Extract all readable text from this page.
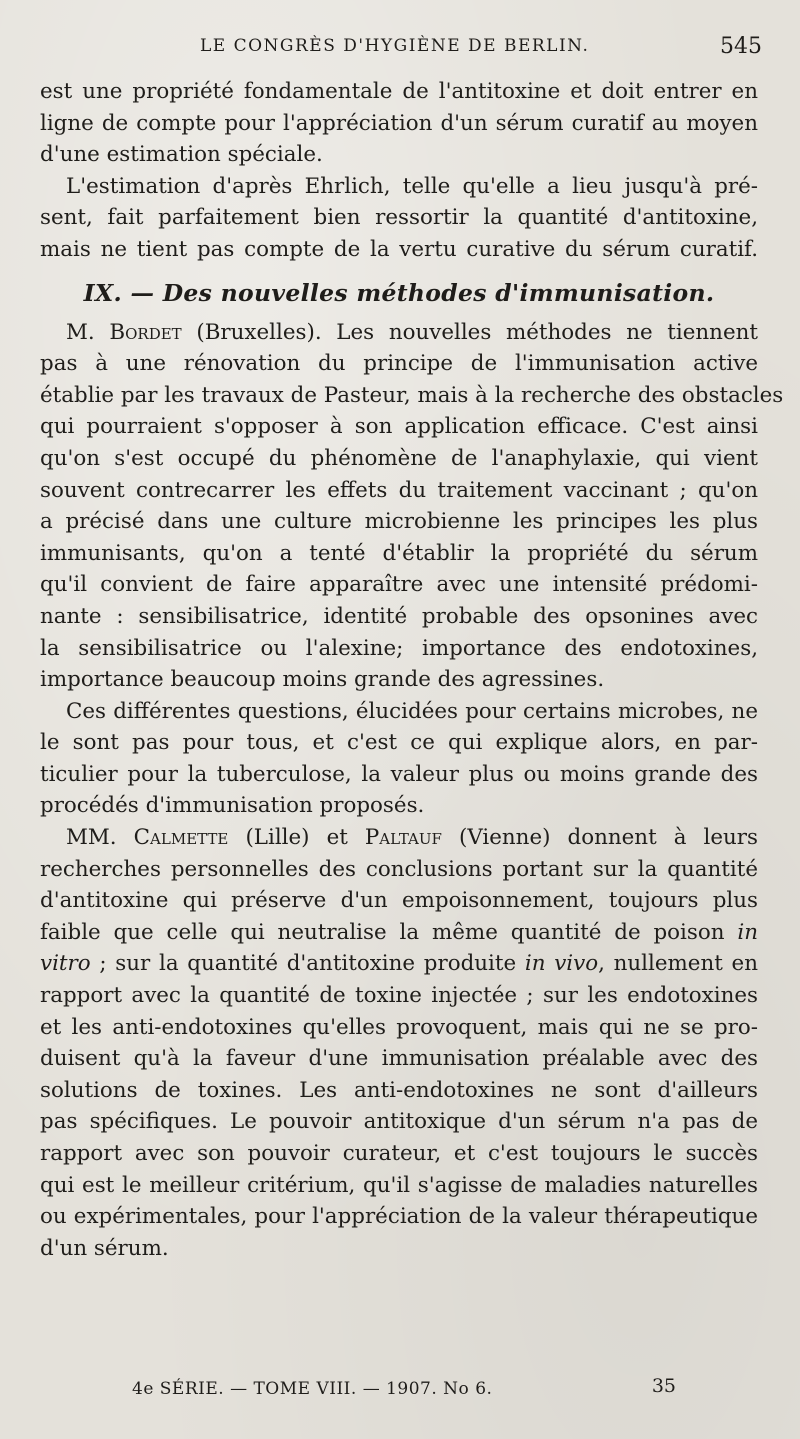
LE CONGRÈS D'HYGIÈNE DE BERLIN.	545
est une propriété fondamentale de l'antitoxine et doit entrer en
ligne de compte pour l'appréciation d'un sérum curatif au moyen
d'une estimation spéciale.
L'estimation d'après Ehrlich, telle qu'elle a lieu jusqu'à pré-
sent, fait parfaitement bien ressortir la quantité d'antitoxine,
mais ne tient pas compte de la vertu curative du sérum curatif.
IX. — Des nouvelles méthodes d'immunisation.
M. Bordet (Bruxelles). Les nouvelles méthodes ne tiennent
pas à une rénovation du principe de l'immunisation active
établie par les travaux de Pasteur, mais à la recherche des obstacles
qui pourraient s'opposer à son application efficace. C'est ainsi
qu'on s'est occupé du phénomène de l'anaphylaxie, qui vient
souvent contrecarrer les effets du traitement vaccinant ; qu'on
a précisé dans une culture microbienne les principes les plus
immunisants, qu'on a tenté d'établir la propriété du sérum
qu'il convient de faire apparaître avec une intensité prédomi-
nante : sensibilisatrice, identité probable des opsonines avec
la sensibilisatrice ou l'alexine; importance des endotoxines,
importance beaucoup moins grande des agressines.
Ces différentes questions, élucidées pour certains microbes, ne
le sont pas pour tous, et c'est ce qui explique alors, en par-
ticulier pour la tuberculose, la valeur plus ou moins grande des
procédés d'immunisation proposés.
MM. Calmette (Lille) et Paltauf (Vienne) donnent à leurs
recherches personnelles des conclusions portant sur la quantité
d'antitoxine qui préserve d'un empoisonnement, toujours plus
faible que celle qui neutralise la même quantité de poison in
vitro ; sur la quantité d'antitoxine produite in vivo, nullement en
rapport avec la quantité de toxine injectée ; sur les endotoxines
et les anti-endotoxines qu'elles provoquent, mais qui ne se pro-
duisent qu'à la faveur d'une immunisation préalable avec des
solutions de toxines. Les anti-endotoxines ne sont d'ailleurs
pas spécifiques. Le pouvoir antitoxique d'un sérum n'a pas de
rapport avec son pouvoir curateur, et c'est toujours le succès
qui est le meilleur critérium, qu'il s'agisse de maladies naturelles
ou expérimentales, pour l'appréciation de la valeur thérapeutique
d'un sérum.
4e SÉRIE. — TOME VIII. — 1907. No 6.	35
